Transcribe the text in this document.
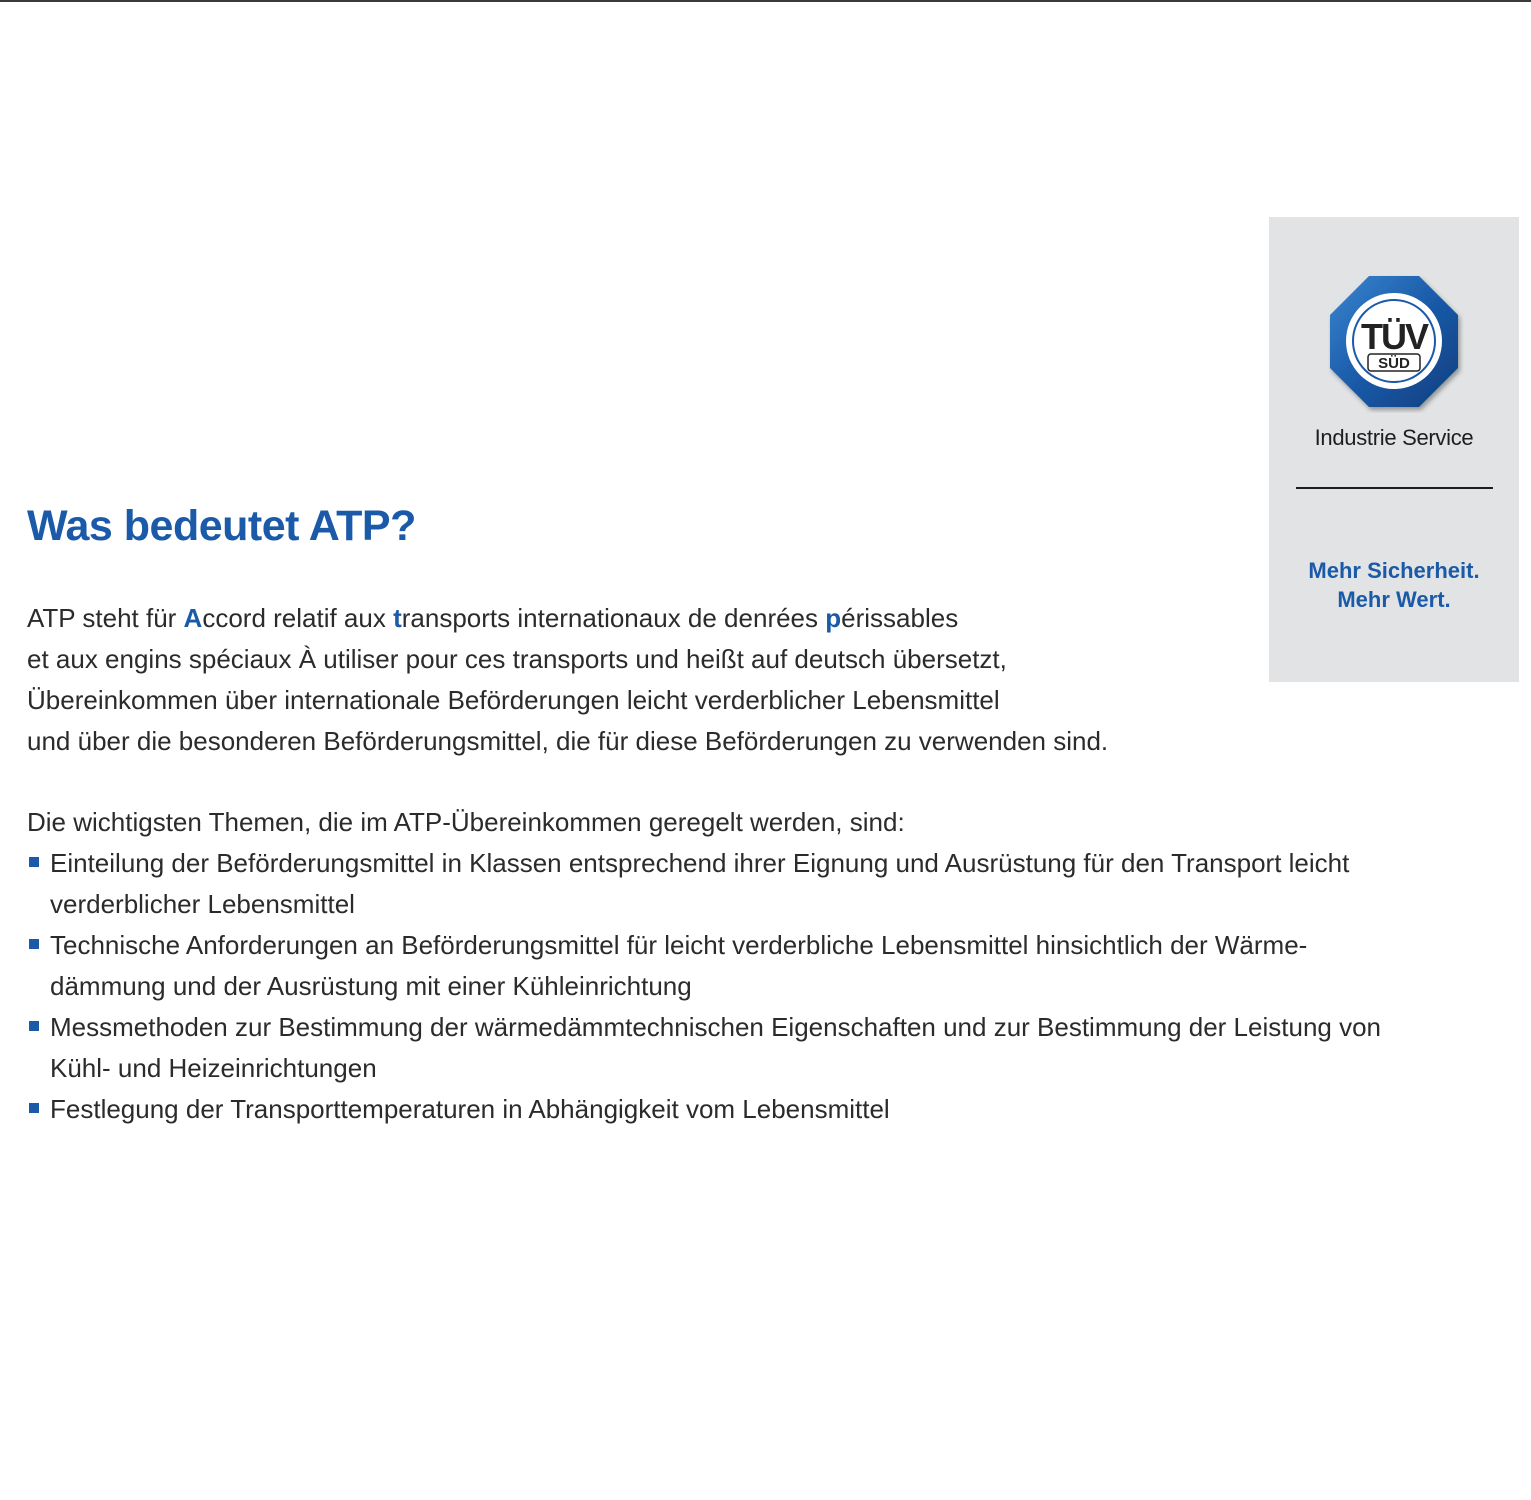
TÜV
SÜD
Industrie Service
Mehr Sicherheit.
Mehr Wert.
Was bedeutet ATP?
ATP steht für Accord relatif aux transports internationaux de denrées périssables
et aux engins spéciaux À utiliser pour ces transports und heißt auf deutsch übersetzt,
Übereinkommen über internationale Beförderungen leicht verderblicher Lebensmittel
und über die besonderen Beförderungsmittel, die für diese Beförderungen zu verwenden sind.
Die wichtigsten Themen, die im ATP-Übereinkommen geregelt werden, sind:
Einteilung der Beförderungsmittel in Klassen entsprechend ihrer Eignung und Ausrüstung für den Transport leicht
verderblicher Lebensmittel
Technische Anforderungen an Beförderungsmittel für leicht verderbliche Lebensmittel hinsichtlich der Wärme-
dämmung und der Ausrüstung mit einer Kühleinrichtung
Messmethoden zur Bestimmung der wärmedämmtechnischen Eigenschaften und zur Bestimmung der Leistung von
Kühl- und Heizeinrichtungen
Festlegung der Transporttemperaturen in Abhängigkeit vom Lebensmittel
